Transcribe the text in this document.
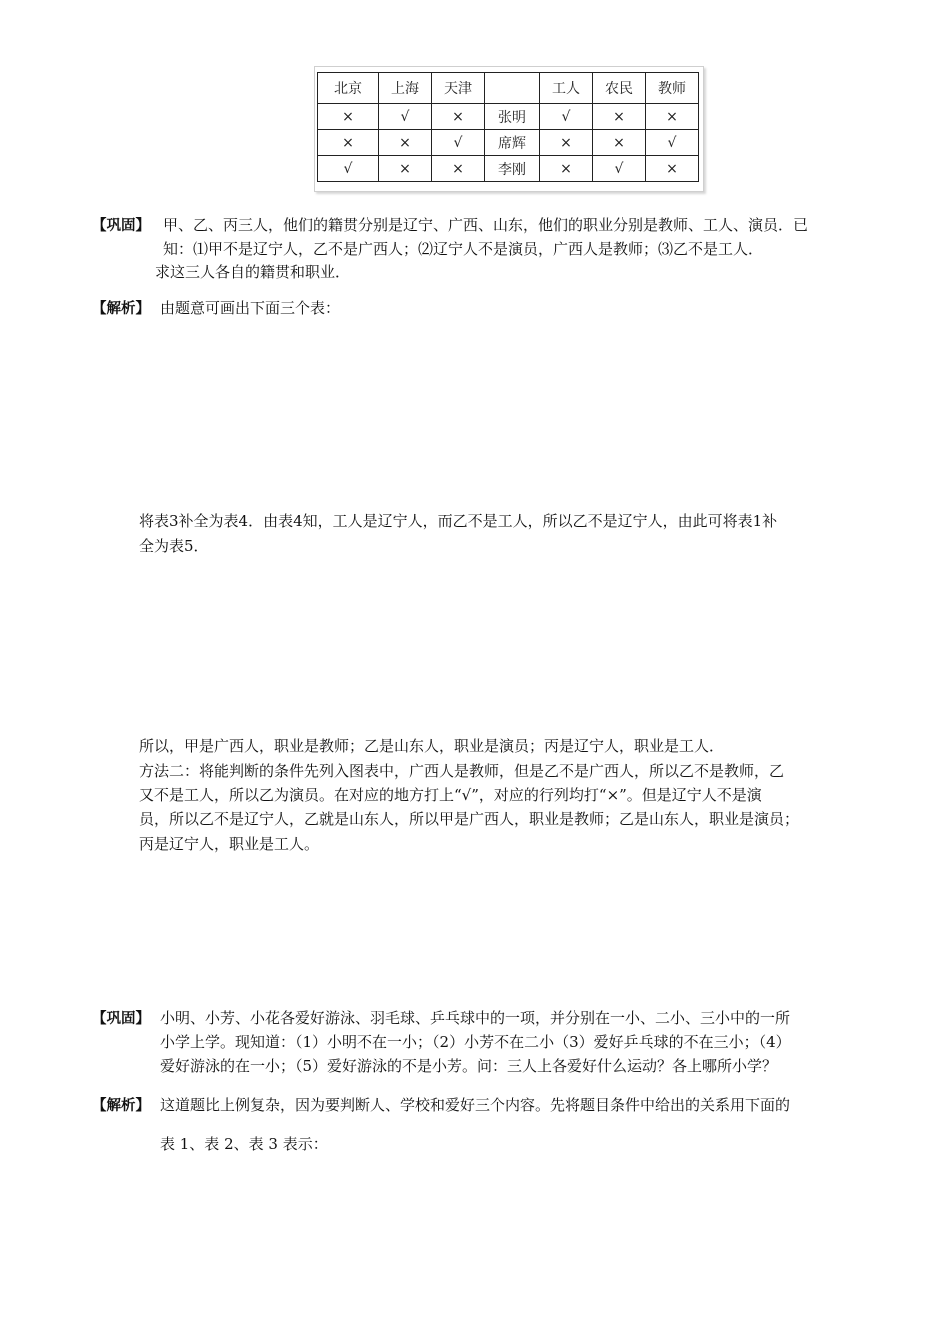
北京	上海	天津		工人	农民	教师
×	√	×	张明	√	×	×
×	×	√	席辉	×	×	√
√	×	×	李刚	×	√	×
【巩固】 甲、乙、丙三人，他们的籍贯分别是辽宁、广西、山东，他们的职业分别是教师、工人、演员．已
知：⑴甲不是辽宁人，乙不是广西人；⑵辽宁人不是演员，广西人是教师；⑶乙不是工人．
求这三人各自的籍贯和职业．
【解析】 由题意可画出下面三个表：
将表3补全为表4．由表4知，工人是辽宁人，而乙不是工人，所以乙不是辽宁人，由此可将表1补
全为表5．
所以，甲是广西人，职业是教师；乙是山东人，职业是演员；丙是辽宁人，职业是工人．
方法二：将能判断的条件先列入图表中，广西人是教师，但是乙不是广西人，所以乙不是教师，乙
又不是工人，所以乙为演员。在对应的地方打上“√”，对应的行列均打“×”。但是辽宁人不是演
员，所以乙不是辽宁人，乙就是山东人，所以甲是广西人，职业是教师；乙是山东人，职业是演员；
丙是辽宁人，职业是工人。
【巩固】 小明、小芳、小花各爱好游泳、羽毛球、乒乓球中的一项，并分别在一小、二小、三小中的一所
小学上学。现知道：（1）小明不在一小；（2）小芳不在二小（3）爱好乒乓球的不在三小；（4）
爱好游泳的在一小；（5）爱好游泳的不是小芳。问：三人上各爱好什么运动？各上哪所小学？
【解析】 这道题比上例复杂，因为要判断人、学校和爱好三个内容。先将题目条件中给出的关系用下面的
表 1、表 2、表 3 表示：
